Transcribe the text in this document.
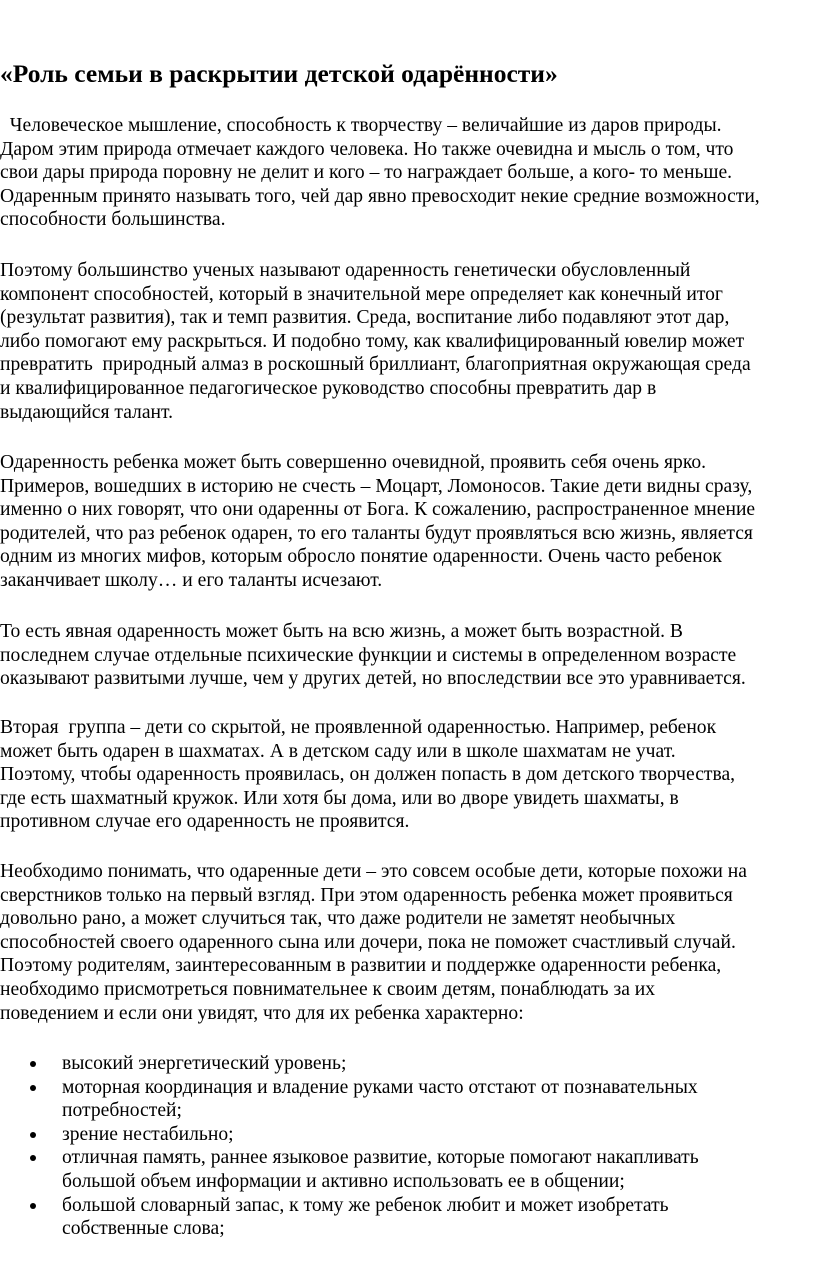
«Роль семьи в раскрытии детской одарённости»
Человеческое мышление, способность к творчеству – величайшие из даров природы.
Даром этим природа отмечает каждого человека. Но также очевидна и мысль о том, что
свои дары природа поровну не делит и кого – то награждает больше, а кого- то меньше.
Одаренным принято называть того, чей дар явно превосходит некие средние возможности,
способности большинства.
Поэтому большинство ученых называют одаренность генетически обусловленный
компонент способностей, который в значительной мере определяет как конечный итог
(результат развития), так и темп развития. Среда, воспитание либо подавляют этот дар,
либо помогают ему раскрыться. И подобно тому, как квалифицированный ювелир может
превратить  природный алмаз в роскошный бриллиант, благоприятная окружающая среда
и квалифицированное педагогическое руководство способны превратить дар в
выдающийся талант.
Одаренность ребенка может быть совершенно очевидной, проявить себя очень ярко.
Примеров, вошедших в историю не счесть – Моцарт, Ломоносов. Такие дети видны сразу,
именно о них говорят, что они одаренны от Бога. К сожалению, распространенное мнение
родителей, что раз ребенок одарен, то его таланты будут проявляться всю жизнь, является
одним из многих мифов, которым обросло понятие одаренности. Очень часто ребенок
заканчивает школу… и его таланты исчезают.
То есть явная одаренность может быть на всю жизнь, а может быть возрастной. В
последнем случае отдельные психические функции и системы в определенном возрасте
оказывают развитыми лучше, чем у других детей, но впоследствии все это уравнивается.
Вторая  группа – дети со скрытой, не проявленной одаренностью. Например, ребенок
может быть одарен в шахматах. А в детском саду или в школе шахматам не учат.
Поэтому, чтобы одаренность проявилась, он должен попасть в дом детского творчества,
где есть шахматный кружок. Или хотя бы дома, или во дворе увидеть шахматы, в
противном случае его одаренность не проявится.
Необходимо понимать, что одаренные дети – это совсем особые дети, которые похожи на
сверстников только на первый взгляд. При этом одаренность ребенка может проявиться
довольно рано, а может случиться так, что даже родители не заметят необычных
способностей своего одаренного сына или дочери, пока не поможет счастливый случай.
Поэтому родителям, заинтересованным в развитии и поддержке одаренности ребенка,
необходимо присмотреться повнимательнее к своим детям, понаблюдать за их
поведением и если они увидят, что для их ребенка характерно:
высокий энергетический уровень;
моторная координация и владение руками часто отстают от познавательных
потребностей;
зрение нестабильно;
отличная память, раннее языковое развитие, которые помогают накапливать
большой объем информации и активно использовать ее в общении;
большой словарный запас, к тому же ребенок любит и может изобретать
собственные слова;
